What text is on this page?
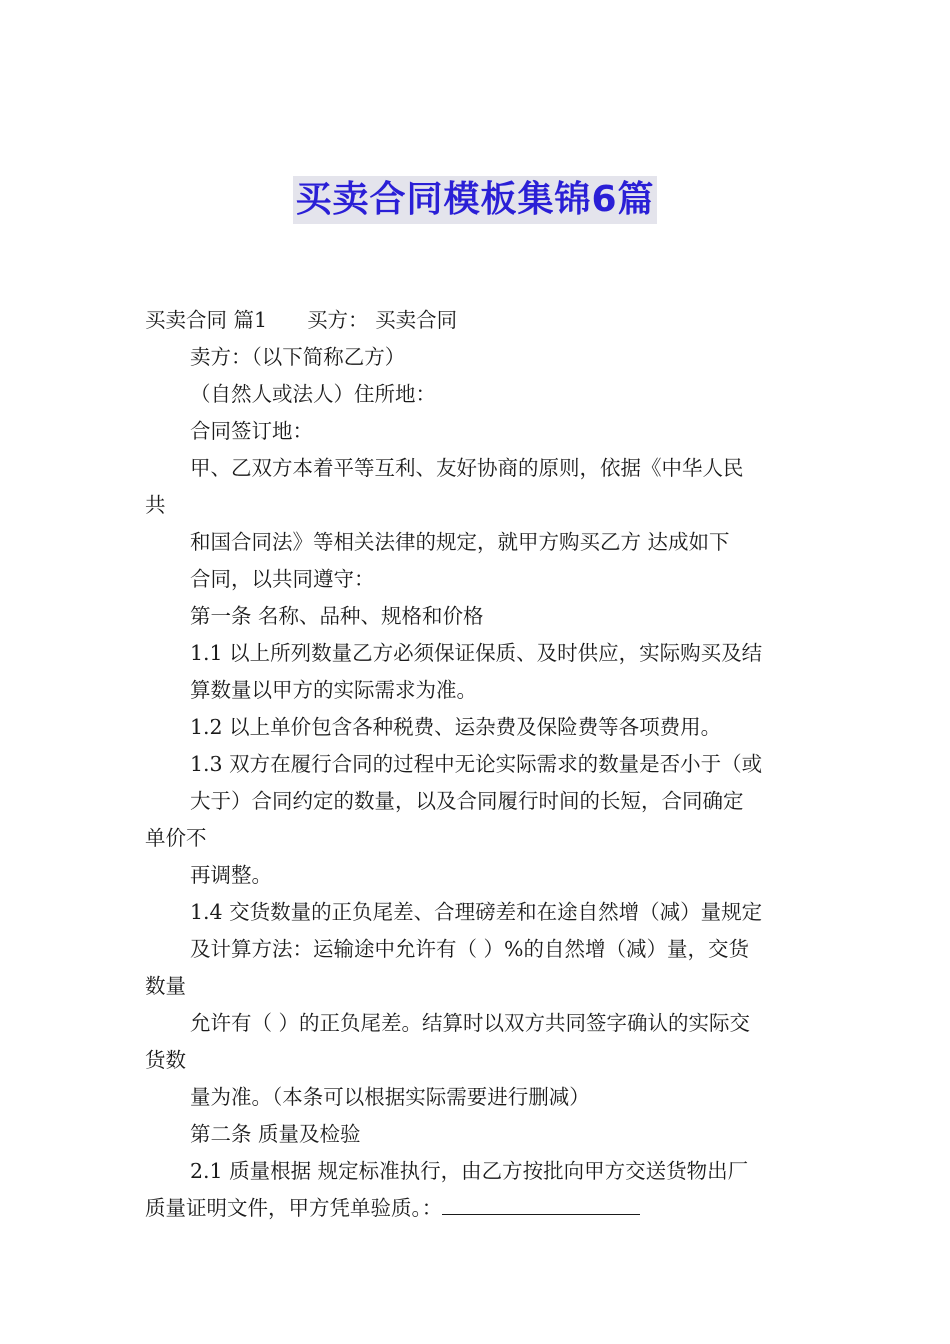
买卖合同模板集锦6篇
买卖合同 篇1 买方： 买卖合同
卖方：（以下简称乙方）
（自然人或法人）住所地：
合同签订地：
甲、乙双方本着平等互利、友好协商的原则，依据《中华人民
共
和国合同法》等相关法律的规定，就甲方购买乙方 达成如下
合同，以共同遵守：
第一条 名称、品种、规格和价格
1.1 以上所列数量乙方必须保证保质、及时供应，实际购买及结
算数量以甲方的实际需求为准。
1.2 以上单价包含各种税费、运杂费及保险费等各项费用。
1.3 双方在履行合同的过程中无论实际需求的数量是否小于（或
大于）合同约定的数量，以及合同履行时间的长短，合同确定
单价不
再调整。
1.4 交货数量的正负尾差、合理磅差和在途自然增（减）量规定
及计算方法：运输途中允许有（ ）%的自然增（减）量，交货
数量
允许有（ ）的正负尾差。结算时以双方共同签字确认的实际交
货数
量为准。（本条可以根据实际需要进行删减）
第二条 质量及检验
2.1 质量根据 规定标准执行，由乙方按批向甲方交送货物出厂
质量证明文件，甲方凭单验质。：
